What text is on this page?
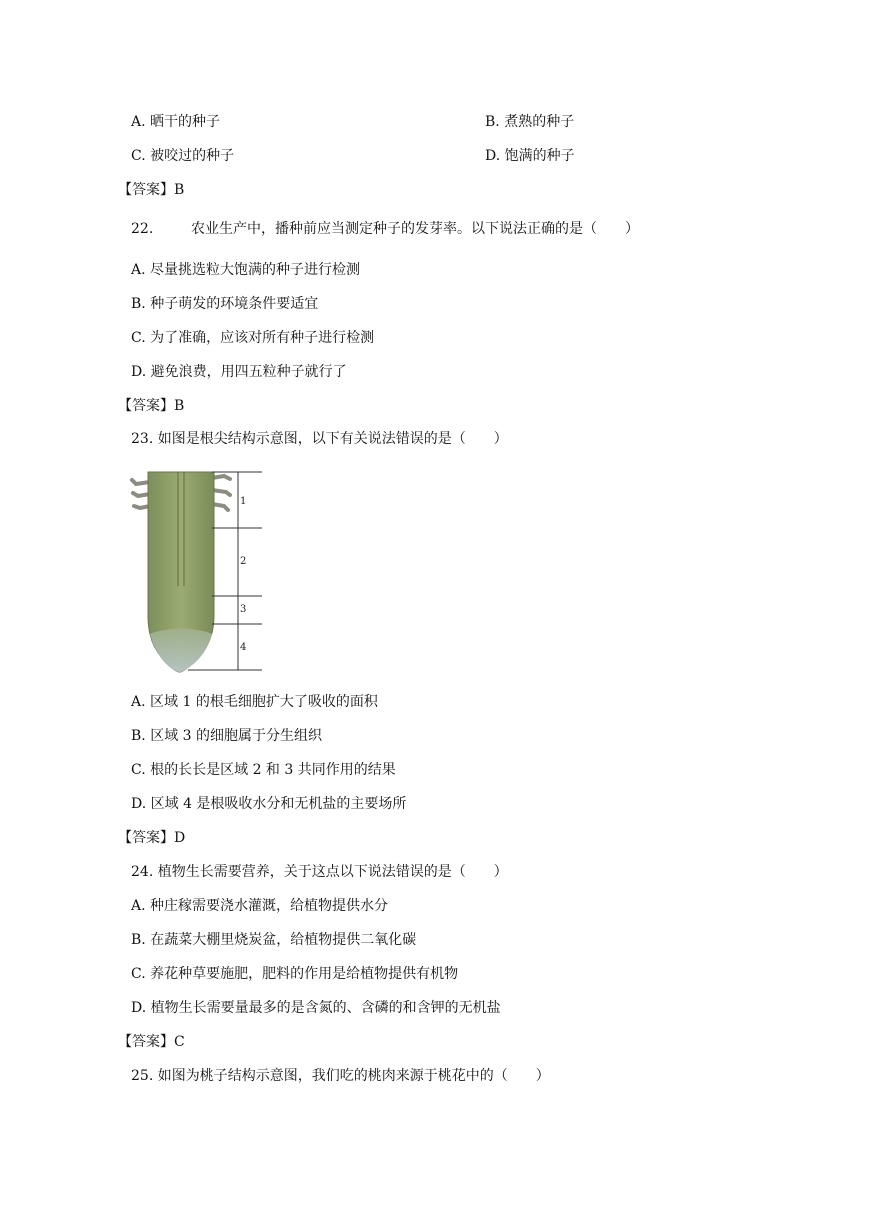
A. 晒干的种子	B. 煮熟的种子
C. 被咬过的种子	D. 饱满的种子
【答案】B
22.	农业生产中，播种前应当测定种子的发芽率。以下说法正确的是（　　）
A. 尽量挑选粒大饱满的种子进行检测
B. 种子萌发的环境条件要适宜
C. 为了准确，应该对所有种子进行检测
D. 避免浪费，用四五粒种子就行了
【答案】B
23. 如图是根尖结构示意图，以下有关说法错误的是（　　）
1
2
3
4
A. 区域 1 的根毛细胞扩大了吸收的面积
B. 区域 3 的细胞属于分生组织
C. 根的长长是区域 2 和 3 共同作用的结果
D. 区域 4 是根吸收水分和无机盐的主要场所
【答案】D
24. 植物生长需要营养，关于这点以下说法错误的是（　　）
A. 种庄稼需要浇水灌溉，给植物提供水分
B. 在蔬菜大棚里烧炭盆，给植物提供二氧化碳
C. 养花种草要施肥，肥料的作用是给植物提供有机物
D. 植物生长需要量最多的是含氮的、含磷的和含钾的无机盐
【答案】C
25. 如图为桃子结构示意图，我们吃的桃肉来源于桃花中的（　　）
